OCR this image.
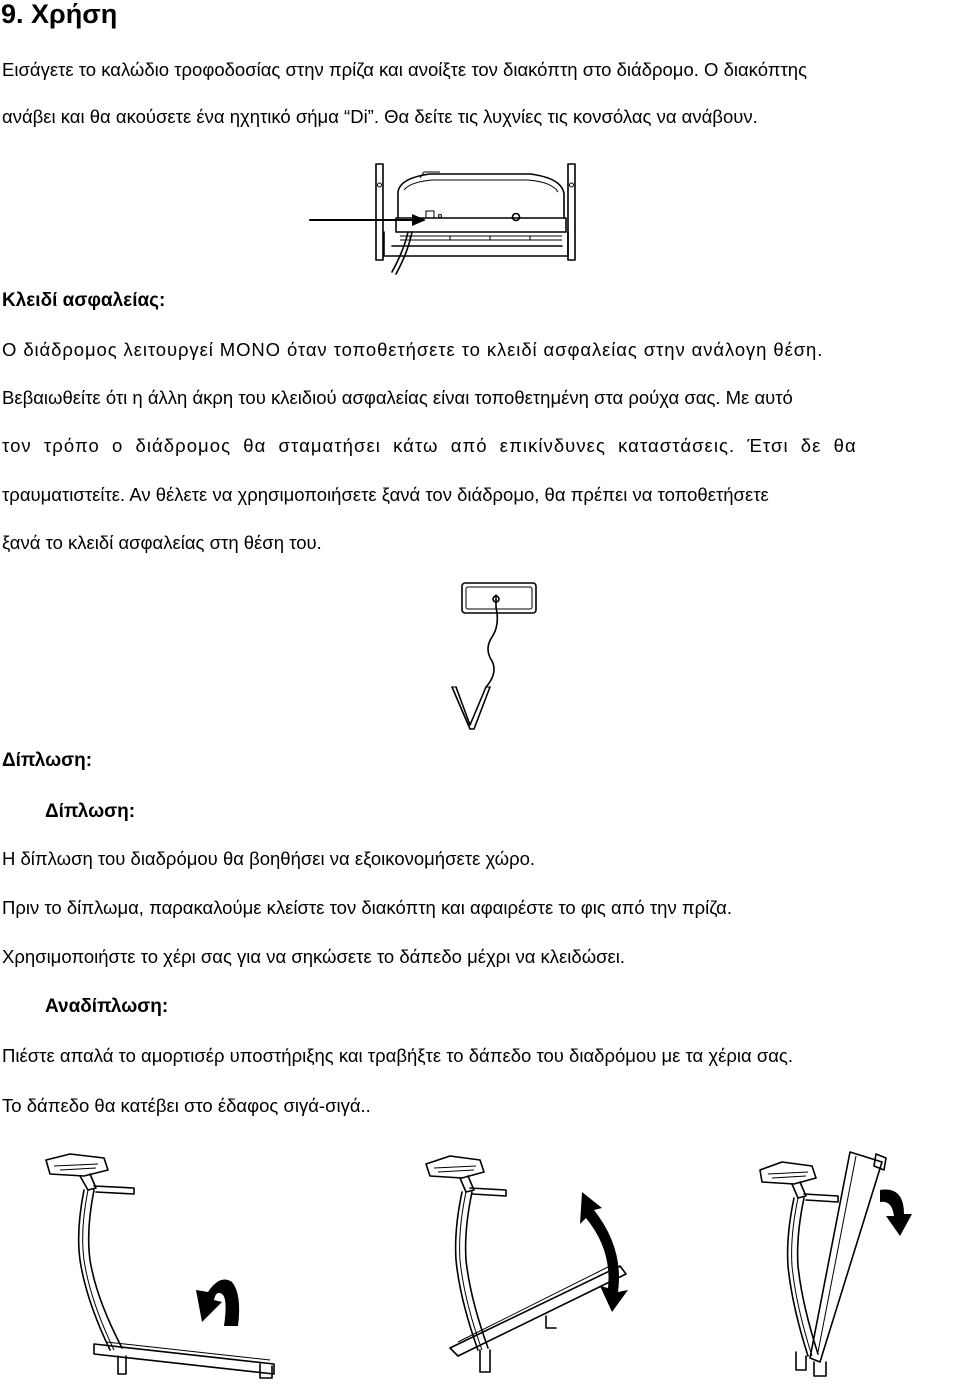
9. Χρήση
Εισάγετε το καλώδιο τροφοδοσίας στην πρίζα και ανοίξτε τον διακόπτη στο διάδρομο. Ο διακόπτης
ανάβει και θα ακούσετε ένα ηχητικό σήμα “Di”. Θα δείτε τις λυχνίες τις κονσόλας να ανάβουν.
Κλειδί ασφαλείας:
Ο διάδρομος λειτουργεί ΜΟΝΟ όταν τοποθετήσετε το κλειδί ασφαλείας στην ανάλογη θέση.
Βεβαιωθείτε ότι η άλλη άκρη του κλειδιού ασφαλείας είναι τοποθετημένη στα ρούχα σας. Με αυτό
τον τρόπο ο διάδρομος θα σταματήσει κάτω από επικίνδυνες καταστάσεις. Έτσι δε θα
τραυματιστείτε. Αν θέλετε να χρησιμοποιήσετε ξανά τον διάδρομο, θα πρέπει να τοποθετήσετε
ξανά το κλειδί ασφαλείας στη θέση του.
Δίπλωση:
Δίπλωση:
Η δίπλωση του διαδρόμου θα βοηθήσει να εξοικονομήσετε χώρο.
Πριν το δίπλωμα, παρακαλούμε κλείστε τον διακόπτη και αφαιρέστε το φις από την πρίζα.
Χρησιμοποιήστε το χέρι σας για να σηκώσετε το δάπεδο μέχρι να κλειδώσει.
Αναδίπλωση:
Πιέστε απαλά το αμορτισέρ υποστήριξης και τραβήξτε το δάπεδο του διαδρόμου με τα χέρια σας.
Το δάπεδο θα κατέβει στο έδαφος σιγά-σιγά..
